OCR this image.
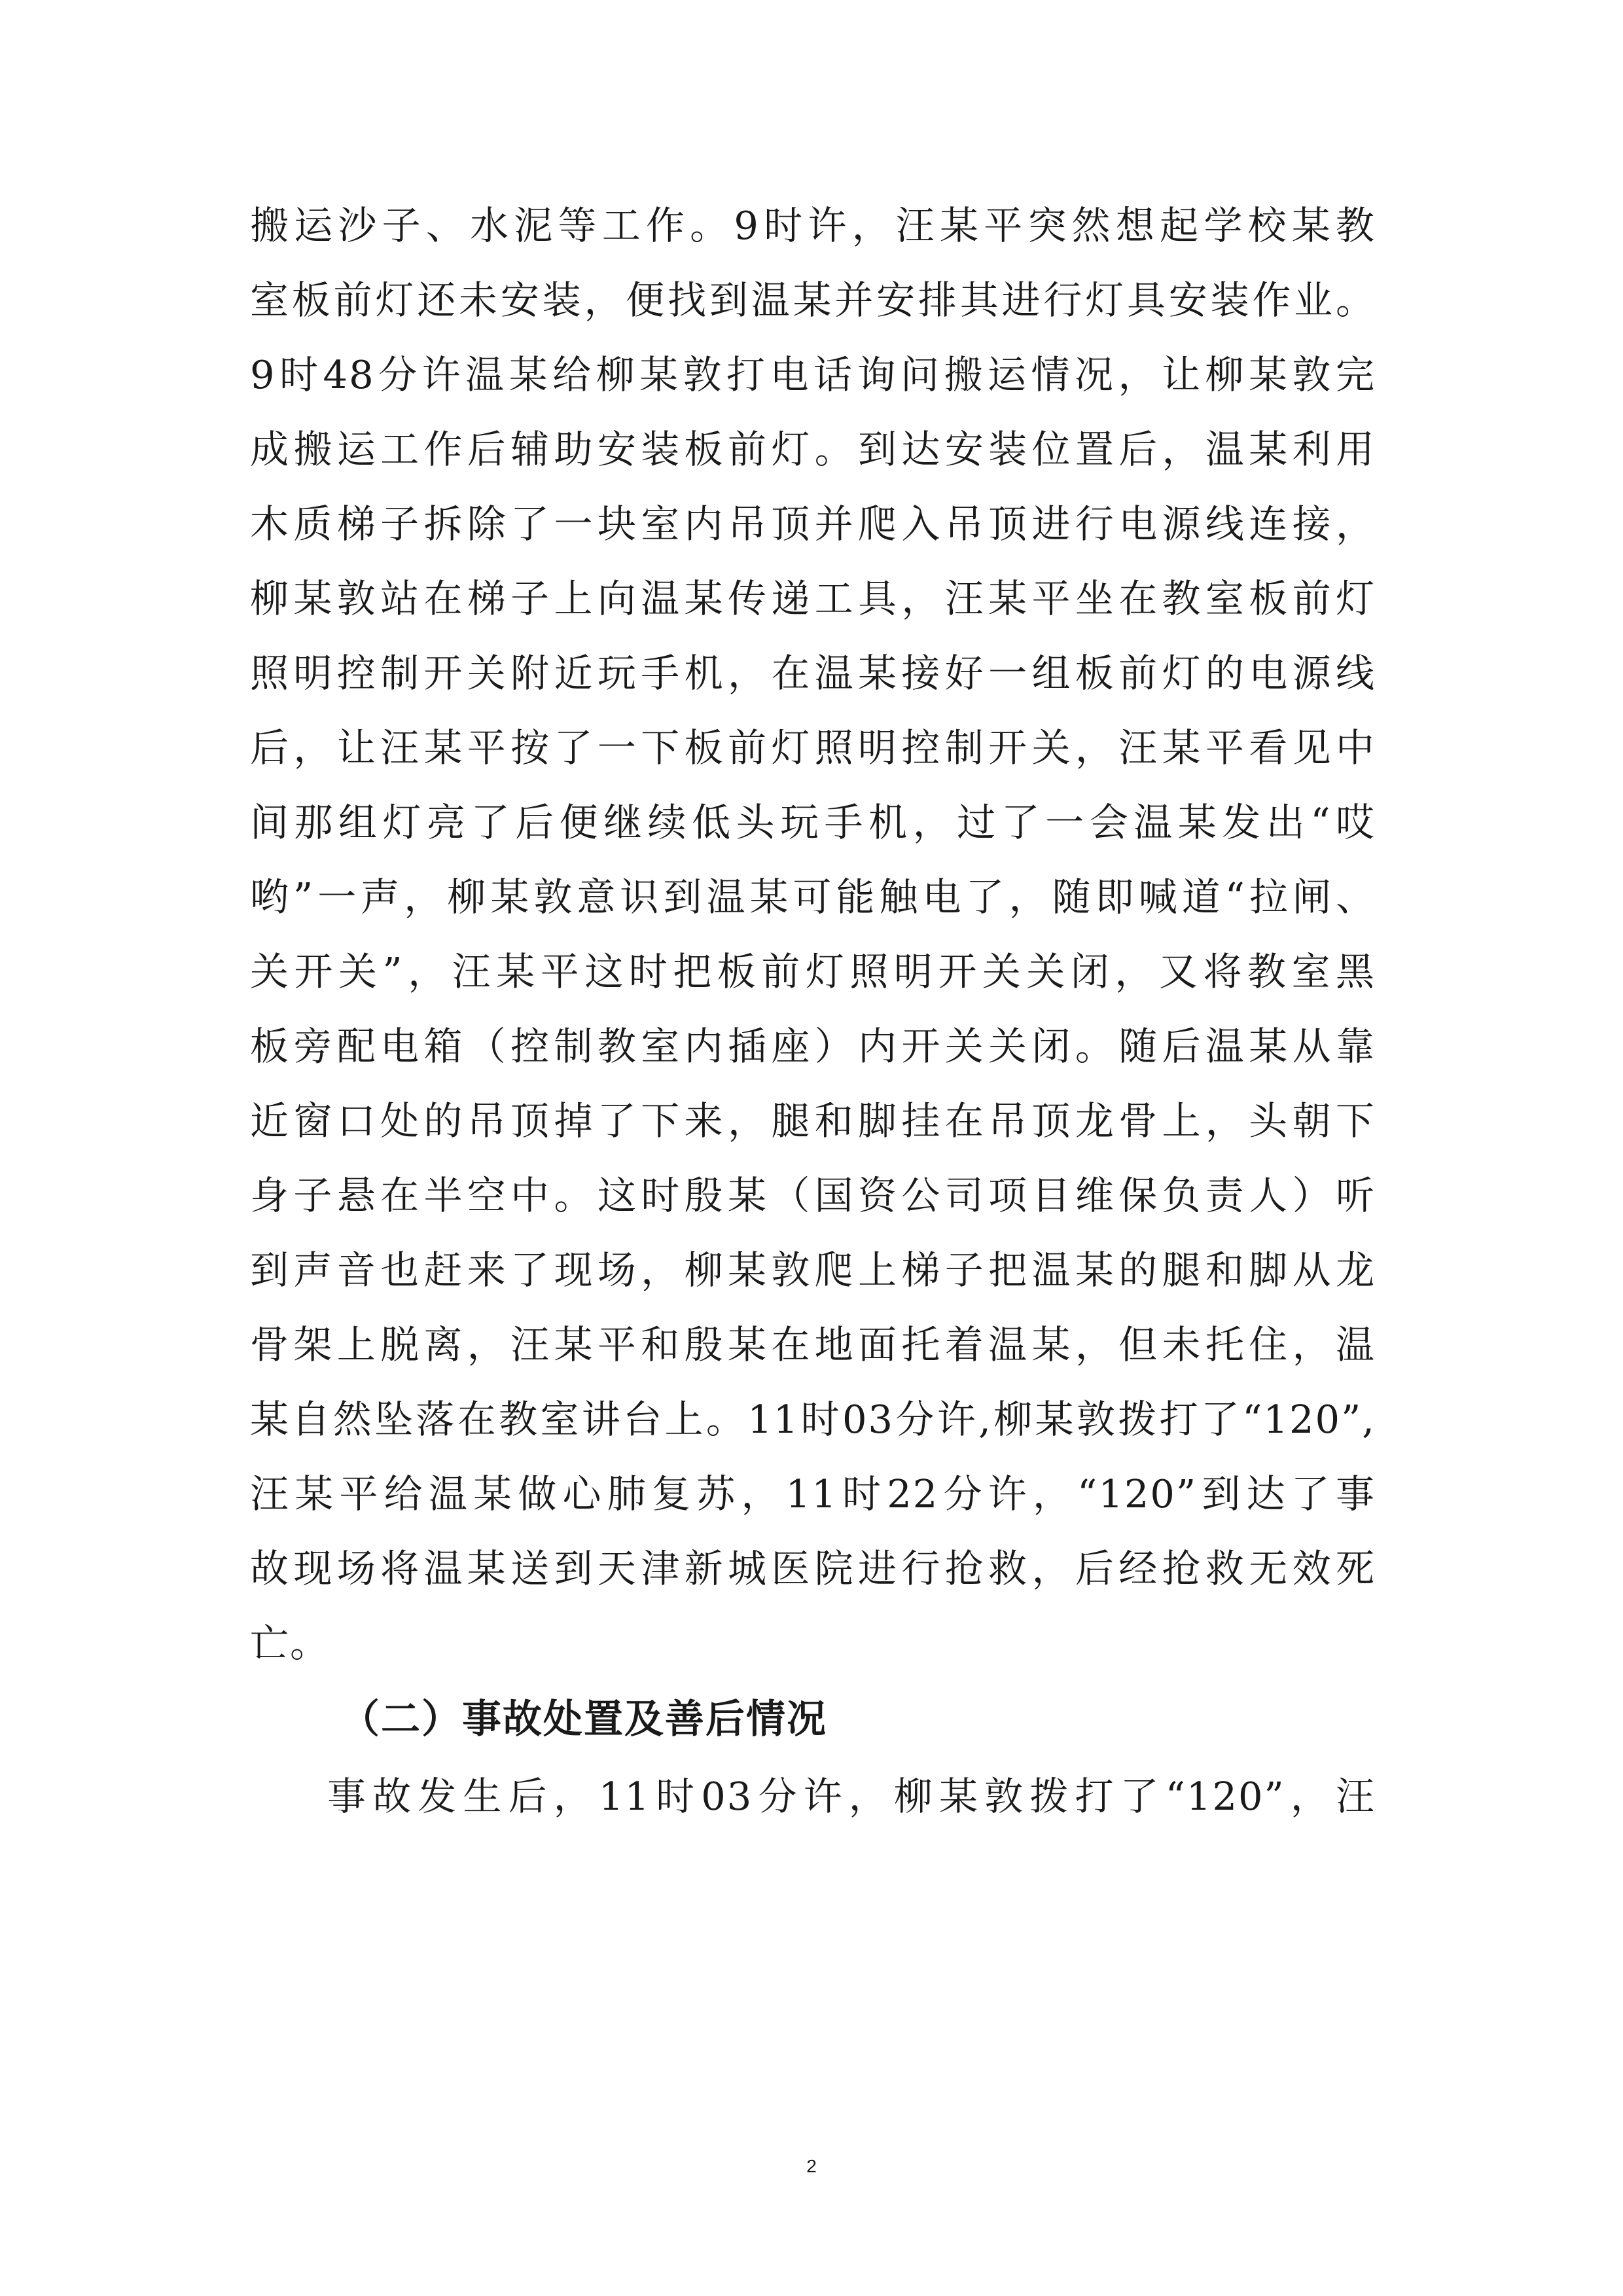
搬运沙子、水泥等工作。9时许，汪某平突然想起学校某教
室板前灯还未安装，便找到温某并安排其进行灯具安装作业。
9时48分许温某给柳某敦打电话询问搬运情况，让柳某敦完
成搬运工作后辅助安装板前灯。到达安装位置后，温某利用
木质梯子拆除了一块室内吊顶并爬入吊顶进行电源线连接，
柳某敦站在梯子上向温某传递工具，汪某平坐在教室板前灯
照明控制开关附近玩手机，在温某接好一组板前灯的电源线
后，让汪某平按了一下板前灯照明控制开关，汪某平看见中
间那组灯亮了后便继续低头玩手机，过了一会温某发出“哎
哟”一声，柳某敦意识到温某可能触电了，随即喊道“拉闸、
关开关”，汪某平这时把板前灯照明开关关闭，又将教室黑
板旁配电箱（控制教室内插座）内开关关闭。随后温某从靠
近窗口处的吊顶掉了下来，腿和脚挂在吊顶龙骨上，头朝下
身子悬在半空中。这时殷某（国资公司项目维保负责人）听
到声音也赶来了现场，柳某敦爬上梯子把温某的腿和脚从龙
骨架上脱离，汪某平和殷某在地面托着温某，但未托住，温
某自然坠落在教室讲台上。11时03分许,柳某敦拨打了“120”,
汪某平给温某做心肺复苏，11时22分许，“120”到达了事
故现场将温某送到天津新城医院进行抢救，后经抢救无效死
亡。
（二）事故处置及善后情况
事故发生后，11时03分许，柳某敦拨打了“120”，汪
2
